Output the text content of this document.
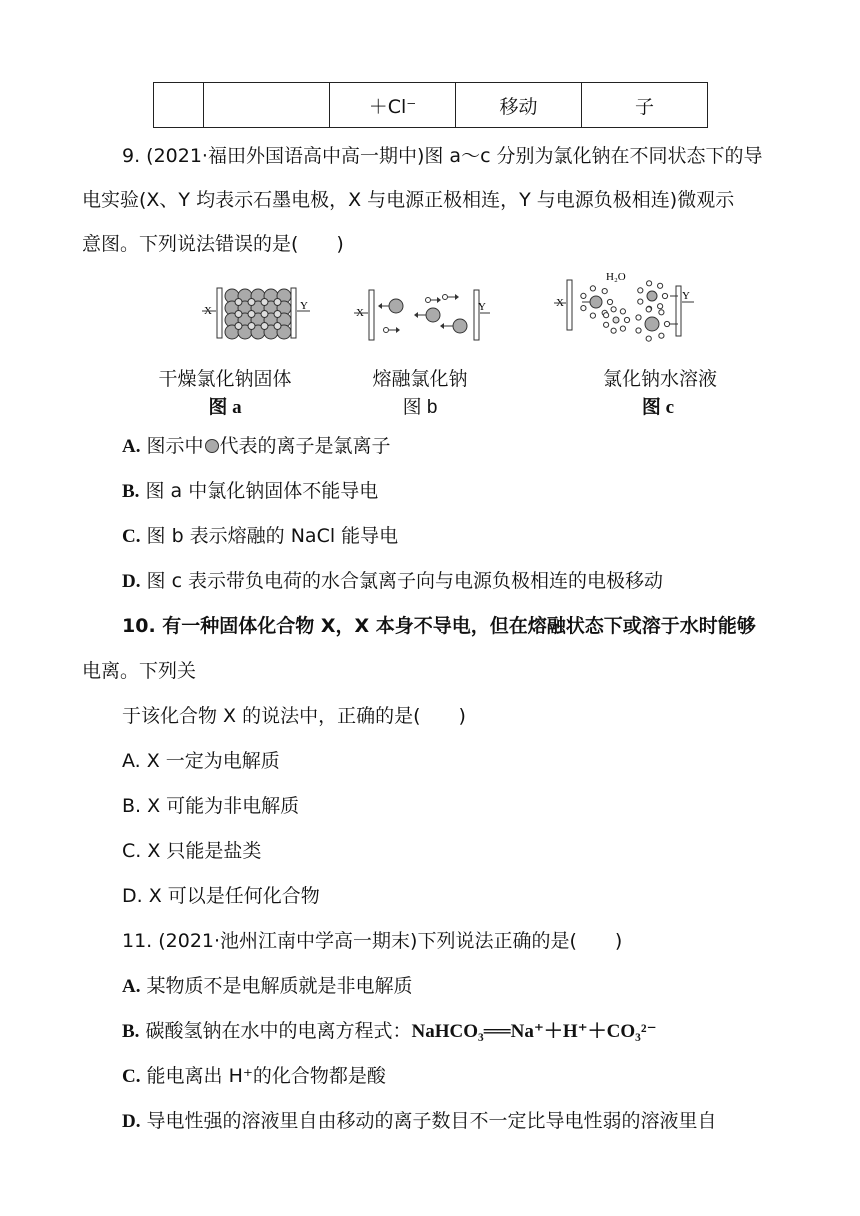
		＋Cl⁻	移动	子
9. (2021·福田外国语高中高一期中)图 a～c 分别为氯化钠在不同状态下的导
电实验(X、Y 均表示石墨电极，X 与电源正极相连，Y 与电源负极相连)微观示
意图。下列说法错误的是(　　)
X	Y
干燥氯化钠固体
图 a
X	Y
熔融氯化钠
图 b
X
Y
H₂O
氯化钠水溶液
图 c
A. 图示中 代表的离子是氯离子
B. 图 a 中氯化钠固体不能导电
C. 图 b 表示熔融的 NaCl 能导电
D. 图 c 表示带负电荷的水合氯离子向与电源负极相连的电极移动
10. 有一种固体化合物 X，X 本身不导电，但在熔融状态下或溶于水时能够
电离。下列关
于该化合物 X 的说法中，正确的是(　　)
A. X 一定为电解质
B. X 可能为非电解质
C. X 只能是盐类
D. X 可以是任何化合物
11. (2021·池州江南中学高一期末)下列说法正确的是(　　)
A. 某物质不是电解质就是非电解质
B. 碳酸氢钠在水中的电离方程式：NaHCO₃══Na⁺＋H⁺＋CO₃²⁻
C. 能电离出 H⁺的化合物都是酸
D. 导电性强的溶液里自由移动的离子数目不一定比导电性弱的溶液里自
